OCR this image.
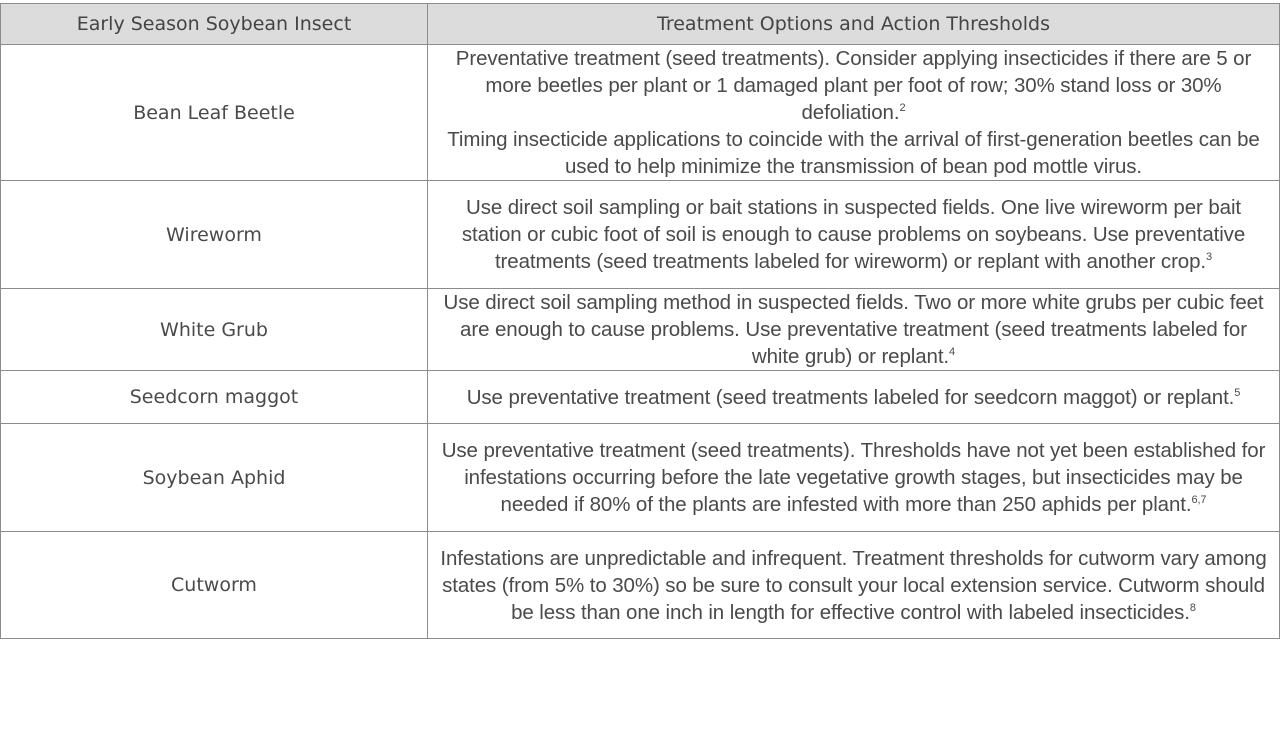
Early Season Soybean Insect	Treatment Options and Action Thresholds
Bean Leaf Beetle	Preventative treatment (seed treatments). Consider applying insecticides if there are 5 or more beetles per plant or 1 damaged plant per foot of row; 30% stand loss or 30% defoliation.$^2$
Timing insecticide applications to coincide with the arrival of first-generation beetles can be used to help minimize the transmission of bean pod mottle virus.

Wireworm	Use direct soil sampling or bait stations in suspected fields. One live wireworm per bait station or cubic foot of soil is enough to cause problems on soybeans. Use preventative treatments (seed treatments labeled for wireworm) or replant with another crop.$^3$
White Grub	Use direct soil sampling method in suspected fields. Two or more white grubs per cubic feet are enough to cause problems. Use preventative treatment (seed treatments labeled for white grub) or replant.$^4$
Seedcorn maggot	Use preventative treatment (seed treatments labeled for seedcorn maggot) or replant.$^5$
Soybean Aphid	Use preventative treatment (seed treatments). Thresholds have not yet been established for infestations occurring before the late vegetative growth stages, but insecticides may be needed if 80% of the plants are infested with more than 250 aphids per plant.$^{6,7}$
Cutworm	Infestations are unpredictable and infrequent. Treatment thresholds for cutworm vary among states (from 5% to 30%) so be sure to consult your local extension service. Cutworm should be less than one inch in length for effective control with labeled insecticides.$^8$
